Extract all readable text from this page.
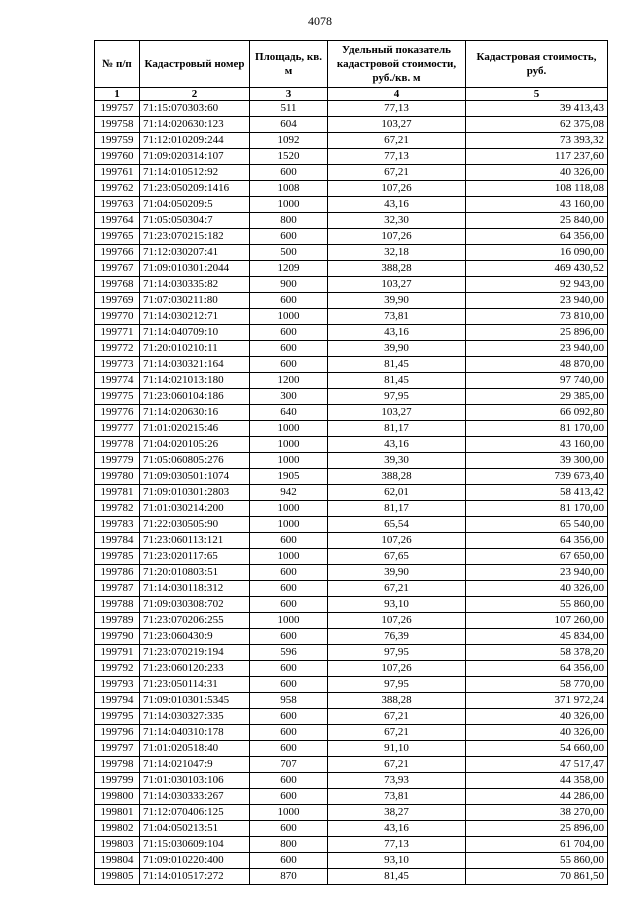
4078
№ п/п	Кадастровый номер	Площадь, кв. м	Удельный показатель кадастровой стоимости, руб./кв. м	Кадастровая стоимость, руб.
1	2	3	4	5
199757	71:15:070303:60	511	77,13	39 413,43
199758	71:14:020630:123	604	103,27	62 375,08
199759	71:12:010209:244	1092	67,21	73 393,32
199760	71:09:020314:107	1520	77,13	117 237,60
199761	71:14:010512:92	600	67,21	40 326,00
199762	71:23:050209:1416	1008	107,26	108 118,08
199763	71:04:050209:5	1000	43,16	43 160,00
199764	71:05:050304:7	800	32,30	25 840,00
199765	71:23:070215:182	600	107,26	64 356,00
199766	71:12:030207:41	500	32,18	16 090,00
199767	71:09:010301:2044	1209	388,28	469 430,52
199768	71:14:030335:82	900	103,27	92 943,00
199769	71:07:030211:80	600	39,90	23 940,00
199770	71:14:030212:71	1000	73,81	73 810,00
199771	71:14:040709:10	600	43,16	25 896,00
199772	71:20:010210:11	600	39,90	23 940,00
199773	71:14:030321:164	600	81,45	48 870,00
199774	71:14:021013:180	1200	81,45	97 740,00
199775	71:23:060104:186	300	97,95	29 385,00
199776	71:14:020630:16	640	103,27	66 092,80
199777	71:01:020215:46	1000	81,17	81 170,00
199778	71:04:020105:26	1000	43,16	43 160,00
199779	71:05:060805:276	1000	39,30	39 300,00
199780	71:09:030501:1074	1905	388,28	739 673,40
199781	71:09:010301:2803	942	62,01	58 413,42
199782	71:01:030214:200	1000	81,17	81 170,00
199783	71:22:030505:90	1000	65,54	65 540,00
199784	71:23:060113:121	600	107,26	64 356,00
199785	71:23:020117:65	1000	67,65	67 650,00
199786	71:20:010803:51	600	39,90	23 940,00
199787	71:14:030118:312	600	67,21	40 326,00
199788	71:09:030308:702	600	93,10	55 860,00
199789	71:23:070206:255	1000	107,26	107 260,00
199790	71:23:060430:9	600	76,39	45 834,00
199791	71:23:070219:194	596	97,95	58 378,20
199792	71:23:060120:233	600	107,26	64 356,00
199793	71:23:050114:31	600	97,95	58 770,00
199794	71:09:010301:5345	958	388,28	371 972,24
199795	71:14:030327:335	600	67,21	40 326,00
199796	71:14:040310:178	600	67,21	40 326,00
199797	71:01:020518:40	600	91,10	54 660,00
199798	71:14:021047:9	707	67,21	47 517,47
199799	71:01:030103:106	600	73,93	44 358,00
199800	71:14:030333:267	600	73,81	44 286,00
199801	71:12:070406:125	1000	38,27	38 270,00
199802	71:04:050213:51	600	43,16	25 896,00
199803	71:15:030609:104	800	77,13	61 704,00
199804	71:09:010220:400	600	93,10	55 860,00
199805	71:14:010517:272	870	81,45	70 861,50
